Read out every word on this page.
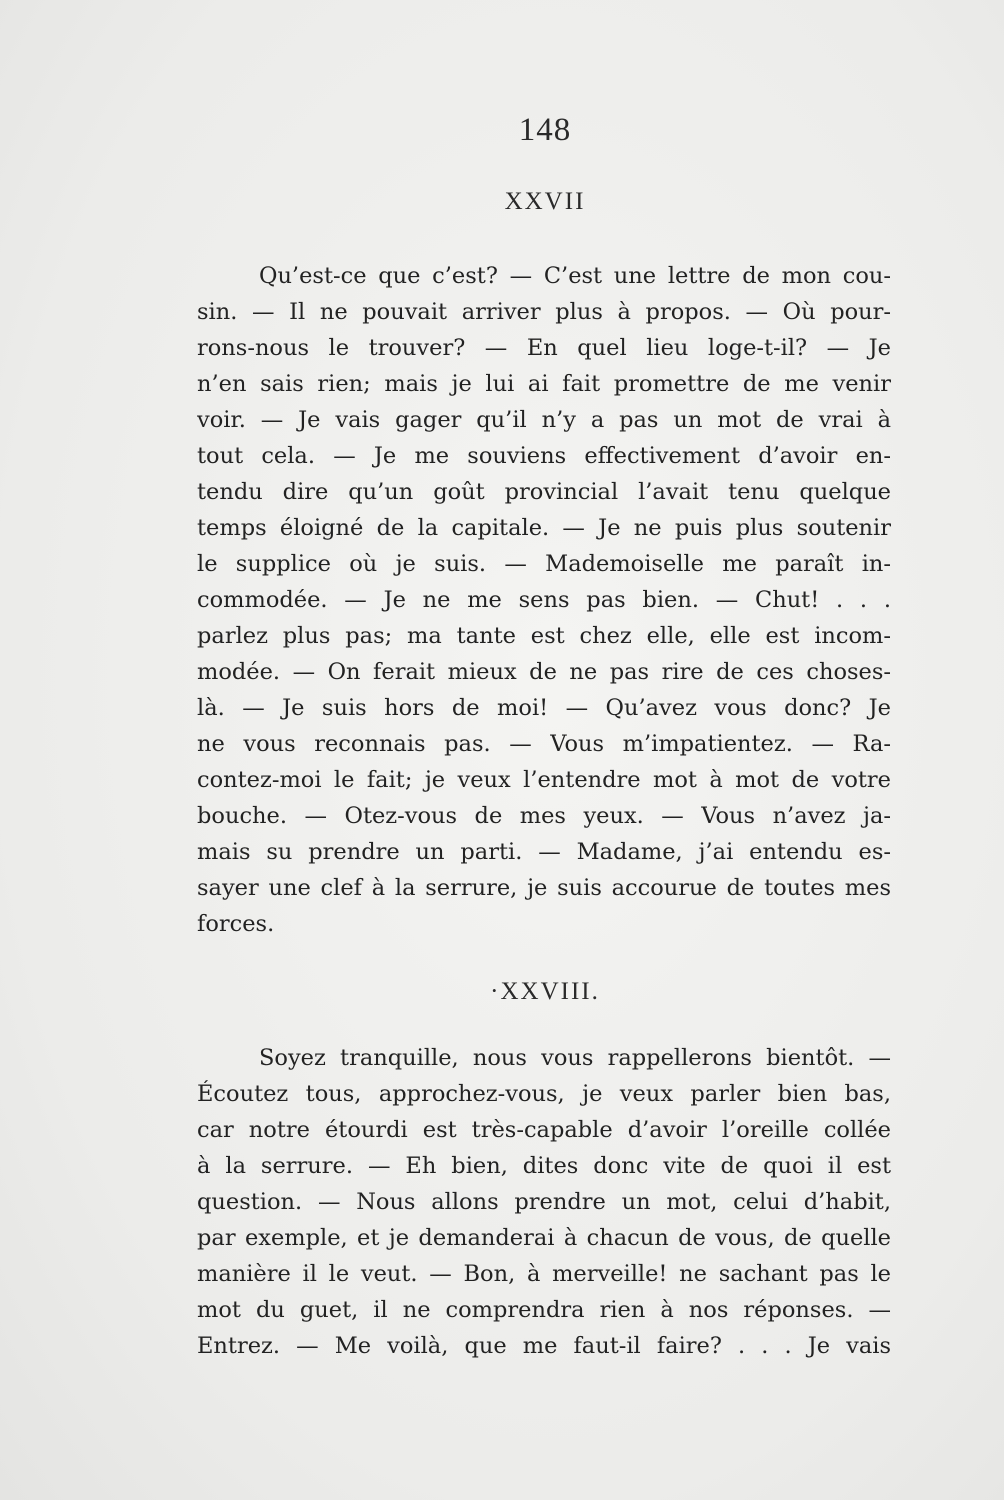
148
XXVII
Qu’est-ce que c’est? — C’est une lettre de mon cou-
sin. — Il ne pouvait arriver plus à propos. — Où pour-
rons-nous le trouver? — En quel lieu loge-t-il? — Je
n’en sais rien; mais je lui ai fait promettre de me venir
voir. — Je vais gager qu’il n’y a pas un mot de vrai à
tout cela. — Je me souviens effectivement d’avoir en-
tendu dire qu’un goût provincial l’avait tenu quelque
temps éloigné de la capitale. — Je ne puis plus soutenir
le supplice où je suis. — Mademoiselle me paraît in-
commodée. — Je ne me sens pas bien. — Chut! . . .
parlez plus pas; ma tante est chez elle, elle est incom-
modée. — On ferait mieux de ne pas rire de ces choses-
là. — Je suis hors de moi! — Qu’avez vous donc? Je
ne vous reconnais pas. — Vous m’impatientez. — Ra-
contez-moi le fait; je veux l’entendre mot à mot de votre
bouche. — Otez-vous de mes yeux. — Vous n’avez ja-
mais su prendre un parti. — Madame, j’ai entendu es-
sayer une clef à la serrure, je suis accourue de toutes mes
forces.
·XXVIII.
Soyez tranquille, nous vous rappellerons bientôt. —
Écoutez tous, approchez-vous, je veux parler bien bas,
car notre étourdi est très-capable d’avoir l’oreille collée
à la serrure. — Eh bien, dites donc vite de quoi il est
question. — Nous allons prendre un mot, celui d’habit,
par exemple, et je demanderai à chacun de vous, de quelle
manière il le veut. — Bon, à merveille! ne sachant pas le
mot du guet, il ne comprendra rien à nos réponses. —
Entrez. — Me voilà, que me faut-il faire? . . . Je vais
